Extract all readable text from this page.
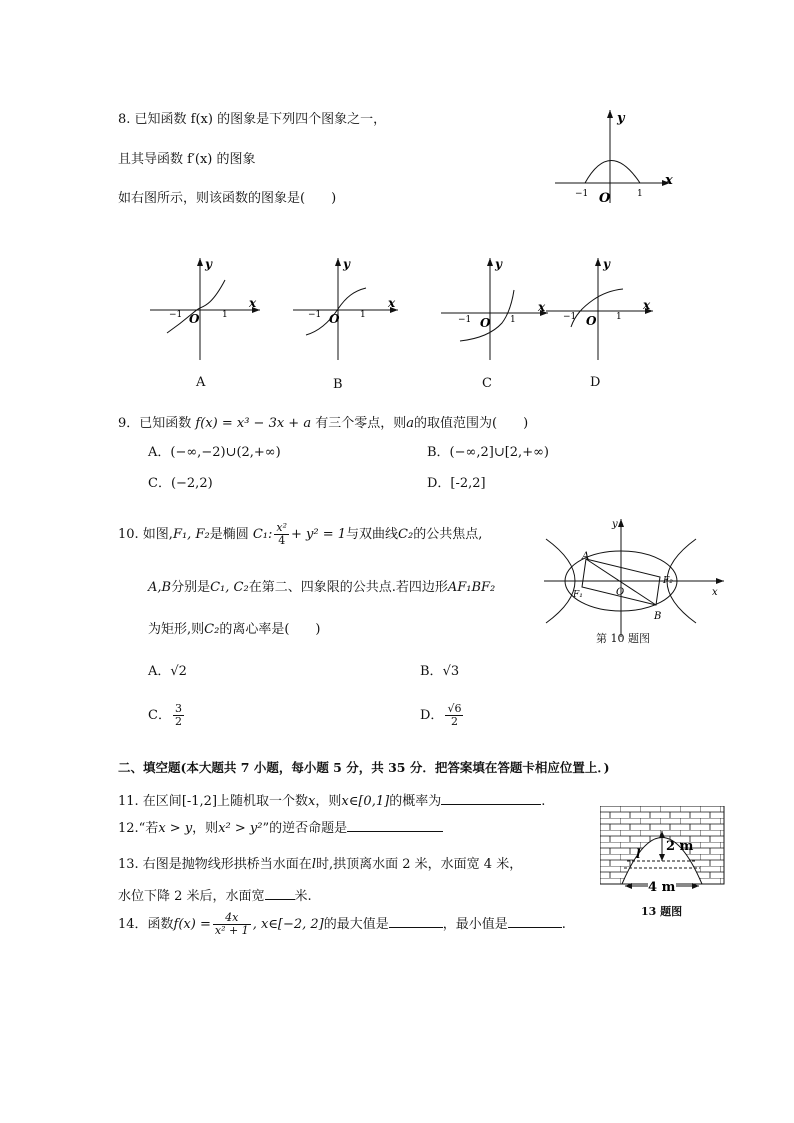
8. 已知函数 f(x) 的图象是下列四个图象之一，
且其导函数 f′(x) 的图象
如右图所示，则该函数的图象是(　　)
y
x
O
−1	1
y
x
O
−1	1
A
y
x
O
−1	1
B
y
x
O
−1	1
C
y
x
O
−1	1
D
9．已知函数 f(x) = x³ − 3x + a 有三个零点，则a的取值范围为(　　)
A．(−∞,−2)∪(2,+∞)	B．(−∞,2]∪[2,+∞)
C．(−2,2)	D．[-2,2]
10. 如图,F₁, F₂是椭圆 C₁: $\frac{\text{x²}}{4} + y^2 = 1$与双曲线C₂的公共焦点,
A,B分别是C₁, C₂在第二、四象限的公共点.若四边形AF₁BF₂
为矩形,则C₂的离心率是(　　)
A
B
F₁
F₂
O	x
y
第 10 题图
A．√2	B．√3
C． $\frac{3}{2}$	D． $\frac{√6}{2}$
二、填空题(本大题共 7 小题，每小题 5 分，共 35 分．把答案填在答题卡相应位置上．)
11. 在区间[-1,2]上随机取一个数x，则x∈[0,1]的概率为	.
12.“若x > y，则x² > y²”的逆否命题是
13. 右图是抛物线形拱桥当水面在l时,拱顶离水面 2 米，水面宽 4 米，
水位下降 2 米后，水面宽 米.
2 m
4 m
l
13 题图
14．函数$f(x) = \frac{4x}{\text{x² + 1}}$ , x∈[−2, 2]的最大值是	，最小值是	.
